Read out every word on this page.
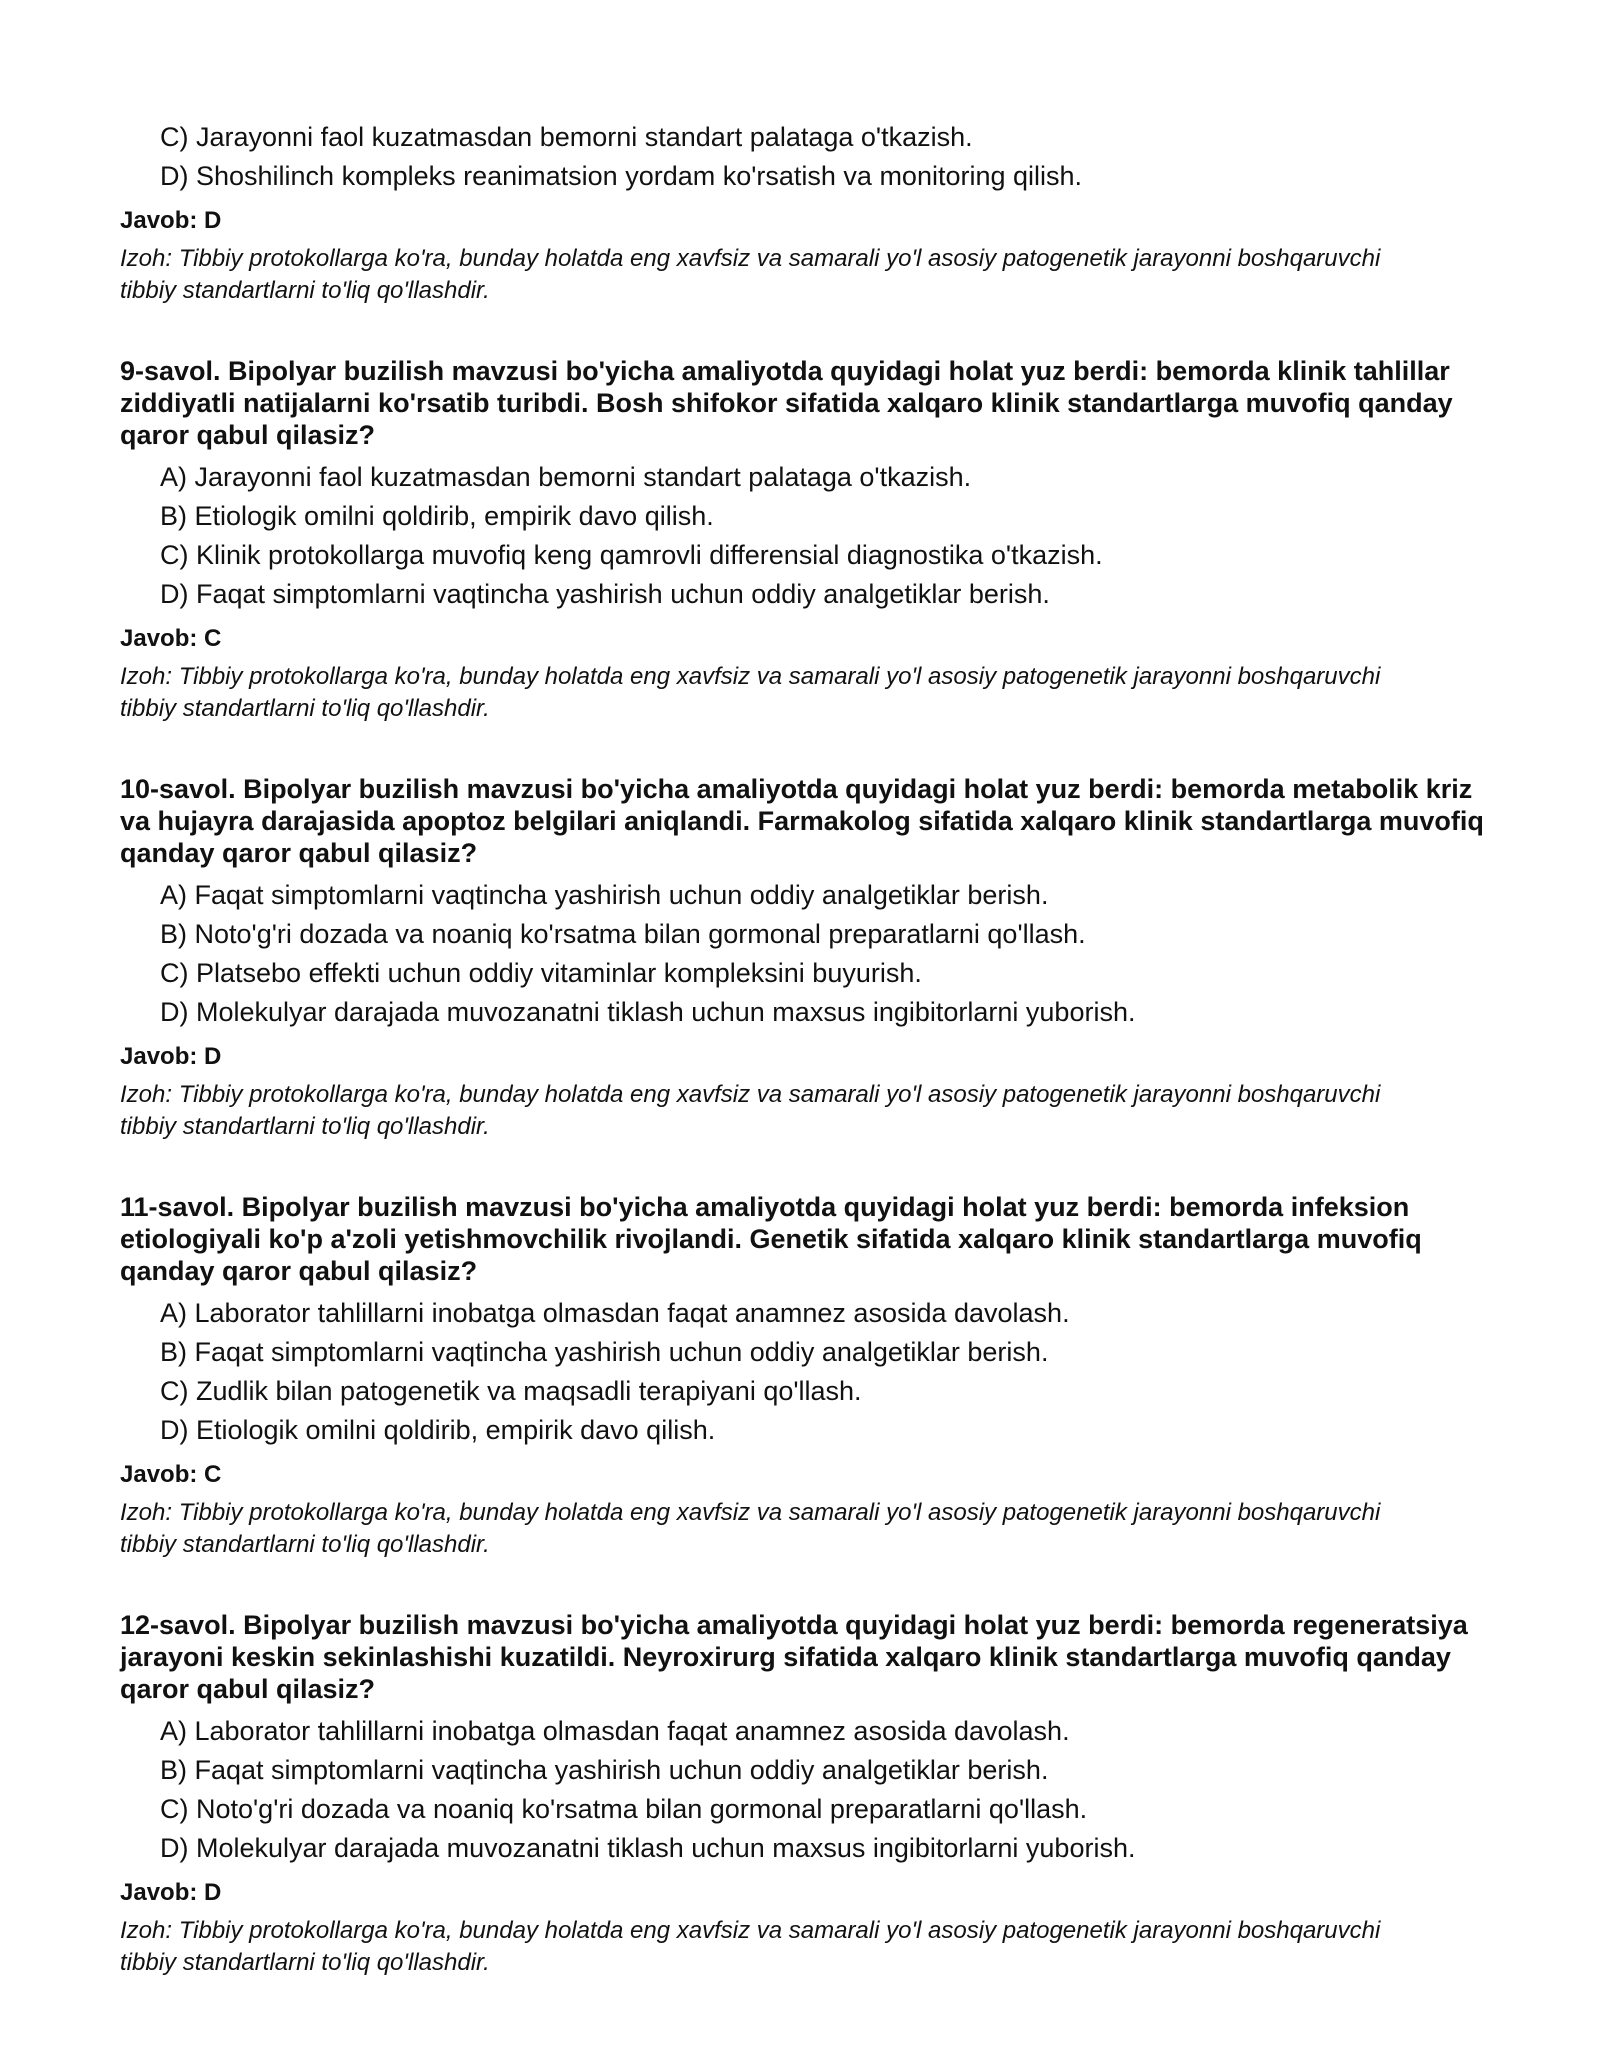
C) Jarayonni faol kuzatmasdan bemorni standart palataga o'tkazish.
D) Shoshilinch kompleks reanimatsion yordam ko'rsatish va monitoring qilish.
Javob: D
Izoh: Tibbiy protokollarga ko'ra, bunday holatda eng xavfsiz va samarali yo'l asosiy patogenetik jarayonni boshqaruvchi tibbiy standartlarni to'liq qo'llashdir.
9-savol. Bipolyar buzilish mavzusi bo'yicha amaliyotda quyidagi holat yuz berdi: bemorda klinik tahlillar ziddiyatli natijalarni ko'rsatib turibdi. Bosh shifokor sifatida xalqaro klinik standartlarga muvofiq qanday qaror qabul qilasiz?
A) Jarayonni faol kuzatmasdan bemorni standart palataga o'tkazish.
B) Etiologik omilni qoldirib, empirik davo qilish.
C) Klinik protokollarga muvofiq keng qamrovli differensial diagnostika o'tkazish.
D) Faqat simptomlarni vaqtincha yashirish uchun oddiy analgetiklar berish.
Javob: C
Izoh: Tibbiy protokollarga ko'ra, bunday holatda eng xavfsiz va samarali yo'l asosiy patogenetik jarayonni boshqaruvchi tibbiy standartlarni to'liq qo'llashdir.
10-savol. Bipolyar buzilish mavzusi bo'yicha amaliyotda quyidagi holat yuz berdi: bemorda metabolik kriz va hujayra darajasida apoptoz belgilari aniqlandi. Farmakolog sifatida xalqaro klinik standartlarga muvofiq qanday qaror qabul qilasiz?
A) Faqat simptomlarni vaqtincha yashirish uchun oddiy analgetiklar berish.
B) Noto'g'ri dozada va noaniq ko'rsatma bilan gormonal preparatlarni qo'llash.
C) Platsebo effekti uchun oddiy vitaminlar kompleksini buyurish.
D) Molekulyar darajada muvozanatni tiklash uchun maxsus ingibitorlarni yuborish.
Javob: D
Izoh: Tibbiy protokollarga ko'ra, bunday holatda eng xavfsiz va samarali yo'l asosiy patogenetik jarayonni boshqaruvchi tibbiy standartlarni to'liq qo'llashdir.
11-savol. Bipolyar buzilish mavzusi bo'yicha amaliyotda quyidagi holat yuz berdi: bemorda infeksion etiologiyali ko'p a'zoli yetishmovchilik rivojlandi. Genetik sifatida xalqaro klinik standartlarga muvofiq qanday qaror qabul qilasiz?
A) Laborator tahlillarni inobatga olmasdan faqat anamnez asosida davolash.
B) Faqat simptomlarni vaqtincha yashirish uchun oddiy analgetiklar berish.
C) Zudlik bilan patogenetik va maqsadli terapiyani qo'llash.
D) Etiologik omilni qoldirib, empirik davo qilish.
Javob: C
Izoh: Tibbiy protokollarga ko'ra, bunday holatda eng xavfsiz va samarali yo'l asosiy patogenetik jarayonni boshqaruvchi tibbiy standartlarni to'liq qo'llashdir.
12-savol. Bipolyar buzilish mavzusi bo'yicha amaliyotda quyidagi holat yuz berdi: bemorda regeneratsiya jarayoni keskin sekinlashishi kuzatildi. Neyroxirurg sifatida xalqaro klinik standartlarga muvofiq qanday qaror qabul qilasiz?
A) Laborator tahlillarni inobatga olmasdan faqat anamnez asosida davolash.
B) Faqat simptomlarni vaqtincha yashirish uchun oddiy analgetiklar berish.
C) Noto'g'ri dozada va noaniq ko'rsatma bilan gormonal preparatlarni qo'llash.
D) Molekulyar darajada muvozanatni tiklash uchun maxsus ingibitorlarni yuborish.
Javob: D
Izoh: Tibbiy protokollarga ko'ra, bunday holatda eng xavfsiz va samarali yo'l asosiy patogenetik jarayonni boshqaruvchi tibbiy standartlarni to'liq qo'llashdir.
